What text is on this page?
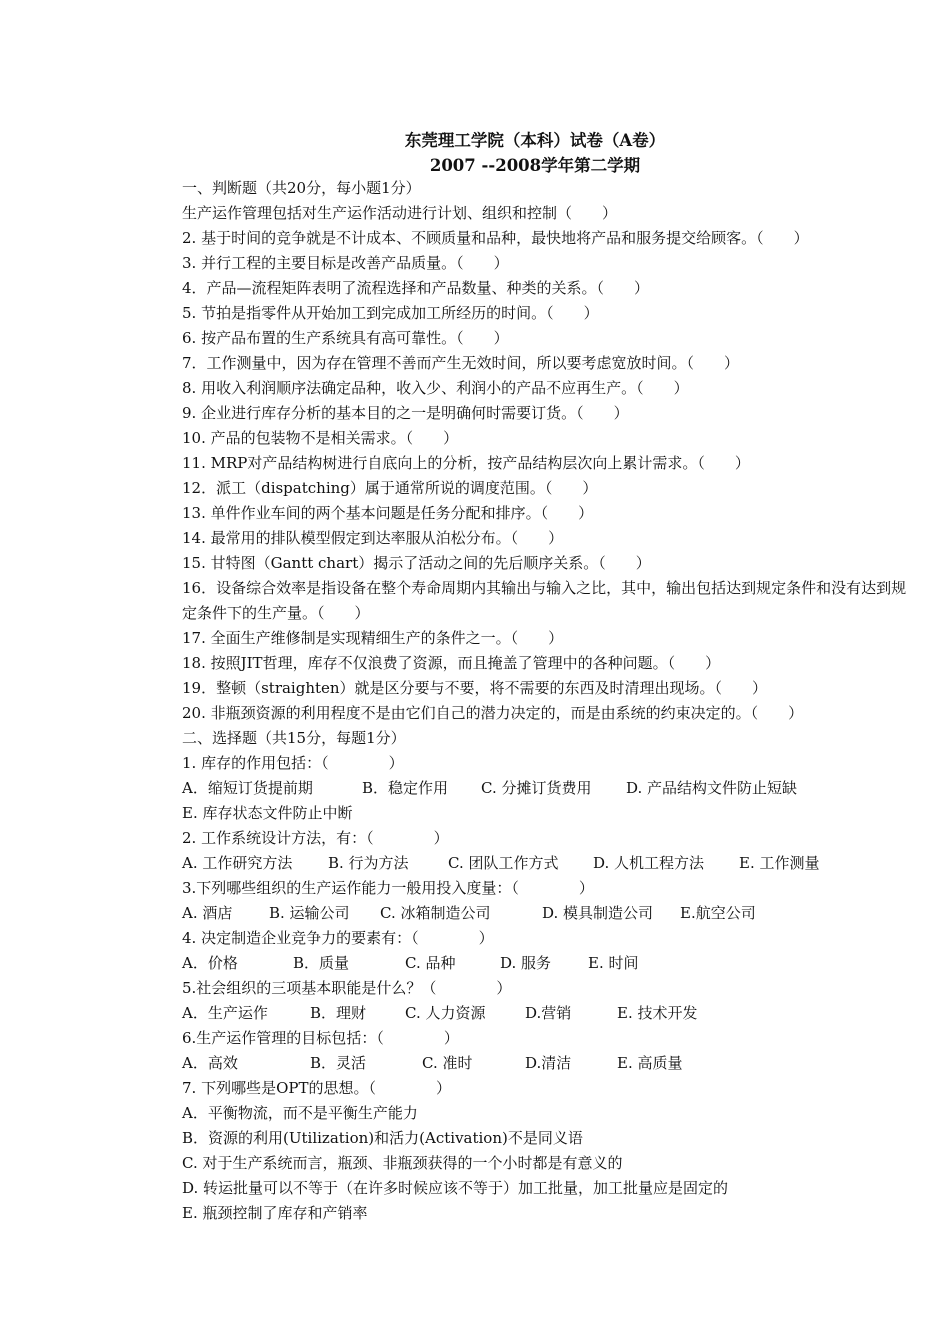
东莞理工学院（本科）试卷（A卷）
2007 --2008学年第二学期
一、判断题（共20分，每小题1分）
生产运作管理包括对生产运作活动进行计划、组织和控制（　　）
2. 基于时间的竞争就是不计成本、不顾质量和品种，最快地将产品和服务提交给顾客。（　　）
3. 并行工程的主要目标是改善产品质量。（　　）
4．产品—流程矩阵表明了流程选择和产品数量、种类的关系。（　　）
5. 节拍是指零件从开始加工到完成加工所经历的时间。（　　）
6. 按产品布置的生产系统具有高可靠性。（　　）
7．工作测量中，因为存在管理不善而产生无效时间，所以要考虑宽放时间。（　　）
8. 用收入利润顺序法确定品种，收入少、利润小的产品不应再生产。（　　）
9. 企业进行库存分析的基本目的之一是明确何时需要订货。（　　）
10. 产品的包装物不是相关需求。（　　）
11. MRP对产品结构树进行自底向上的分析，按产品结构层次向上累计需求。（　　）
12．派工（dispatching）属于通常所说的调度范围。（　　）
13. 单件作业车间的两个基本问题是任务分配和排序。（　　）
14. 最常用的排队模型假定到达率服从泊松分布。（　　）
15. 甘特图（Gantt chart）揭示了活动之间的先后顺序关系。（　　）
16．设备综合效率是指设备在整个寿命周期内其输出与输入之比，其中，输出包括达到规定条件和没有达到规定条件下的生产量。（　　）
17. 全面生产维修制是实现精细生产的条件之一。（　　）
18. 按照JIT哲理，库存不仅浪费了资源，而且掩盖了管理中的各种问题。（　　）
19．整顿（straighten）就是区分要与不要，将不需要的东西及时清理出现场。（　　）
20. 非瓶颈资源的利用程度不是由它们自己的潜力决定的，而是由系统的约束决定的。（　　）
二、选择题（共15分，每题1分）
1. 库存的作用包括：（　　　　）
A．缩短订货提前期	B．稳定作用	C. 分摊订货费用	D. 产品结构文件防止短缺
E. 库存状态文件防止中断
2. 工作系统设计方法，有：（　　　　）
A. 工作研究方法	B. 行为方法	C. 团队工作方式	D. 人机工程方法	E. 工作测量
3.下列哪些组织的生产运作能力一般用投入度量：（　　　　）
A. 酒店	B. 运输公司	C. 冰箱制造公司	D. 模具制造公司	E.航空公司
4. 决定制造企业竞争力的要素有：（　　　　）
A．价格	B．质量	C. 品种	D. 服务	E. 时间
5.社会组织的三项基本职能是什么？（　　　　）
A．生产运作	B．理财	C. 人力资源	D.营销	E. 技术开发
6.生产运作管理的目标包括：（　　　　）
A．高效	B．灵活	C. 准时	D.清洁	E. 高质量
7. 下列哪些是OPT的思想。（　　　　）
A．平衡物流，而不是平衡生产能力
B．资源的利用(Utilization)和活力(Activation)不是同义语
C. 对于生产系统而言，瓶颈、非瓶颈获得的一个小时都是有意义的
D. 转运批量可以不等于（在许多时候应该不等于）加工批量，加工批量应是固定的
E. 瓶颈控制了库存和产销率
